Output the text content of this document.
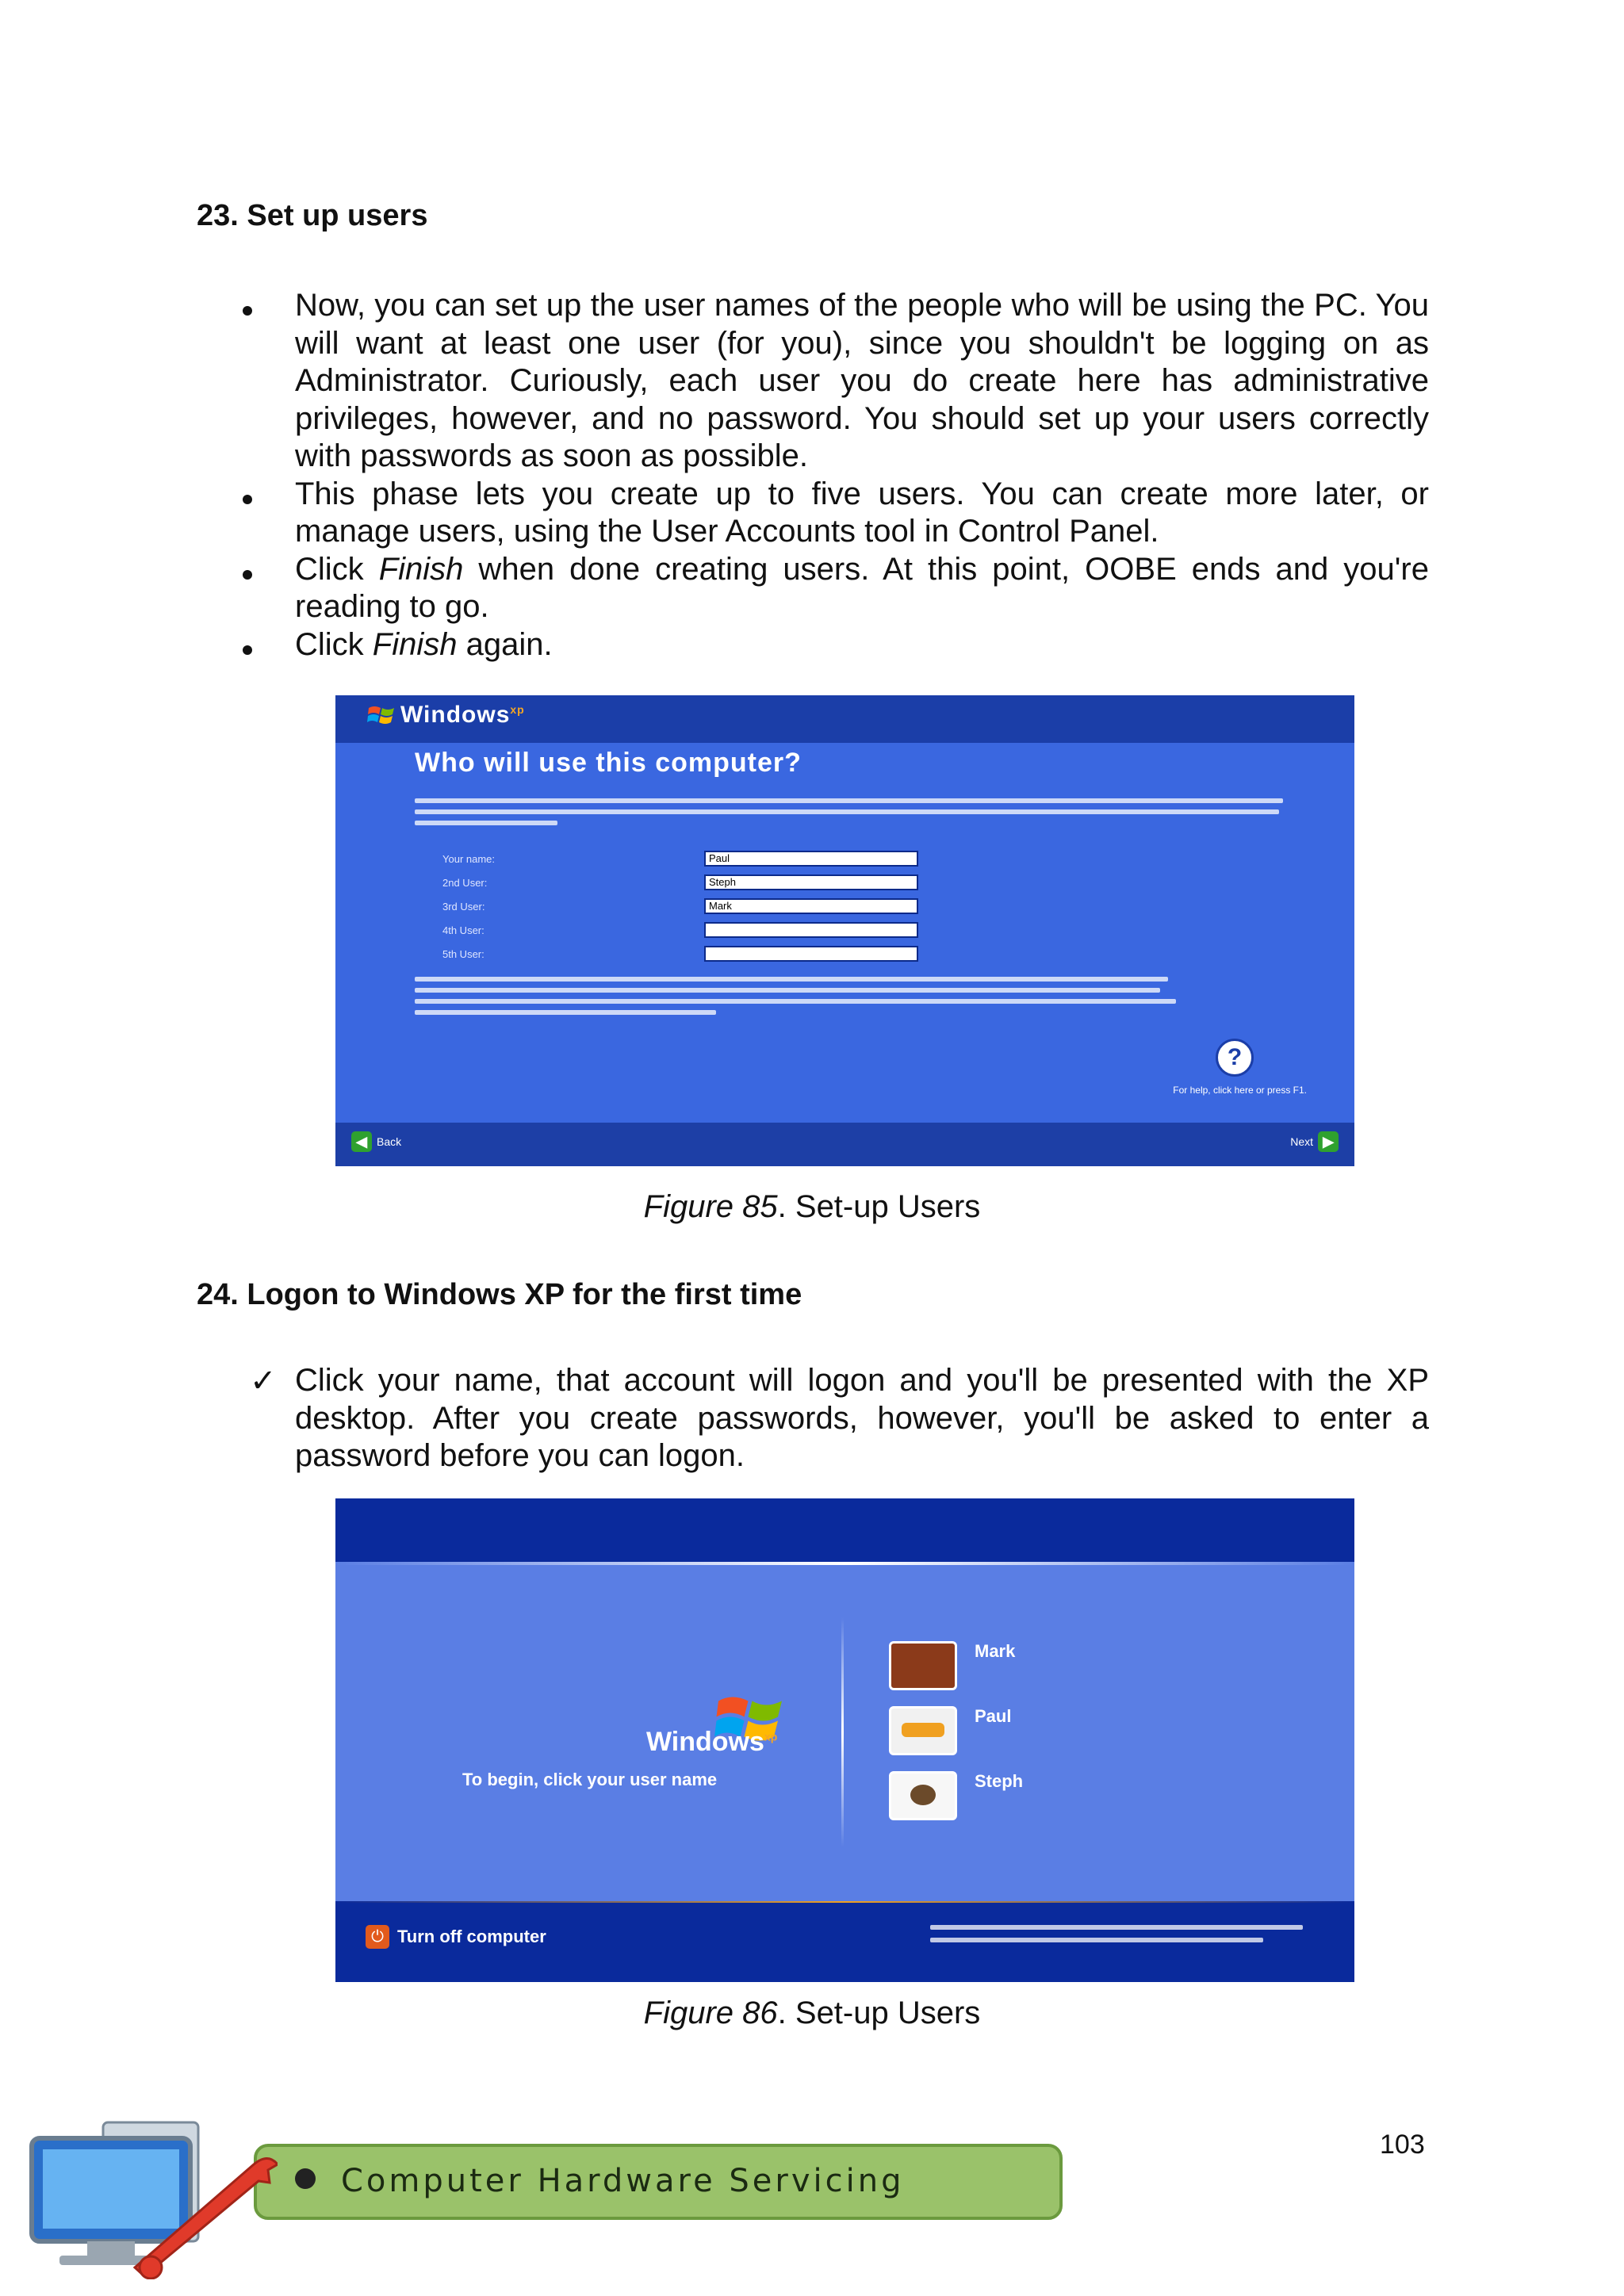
23. Set up users
Now, you can set up the user names of the people who will be using the PC. You will want at least one user (for you), since you shouldn't be logging on as Administrator. Curiously, each user you do create here has administrative privileges, however, and no password. You should set up your users correctly with passwords as soon as possible.
This phase lets you create up to five users. You can create more later, or manage users, using the User Accounts tool in Control Panel.
Click Finish when done creating users. At this point, OOBE ends and you're reading to go.
Click Finish again.
Windows$^{xp}$
Who will use this computer?
Your name:	Paul
2nd User:	Steph
3rd User:	Mark
4th User:
5th User:
?
For help, click here or press F1.
◀ Back	Next ▶
Figure 85. Set-up Users
24. Logon to Windows XP for the first time
✓ Click your name, that account will logon and you'll be presented with the XP desktop. After you create passwords, however, you'll be asked to enter a password before you can logon.
Windows$^{xp}$
To begin, click your user name
Mark
Paul
Steph
⏻ Turn off computer
Figure 86. Set-up Users
103
Computer Hardware Servicing
